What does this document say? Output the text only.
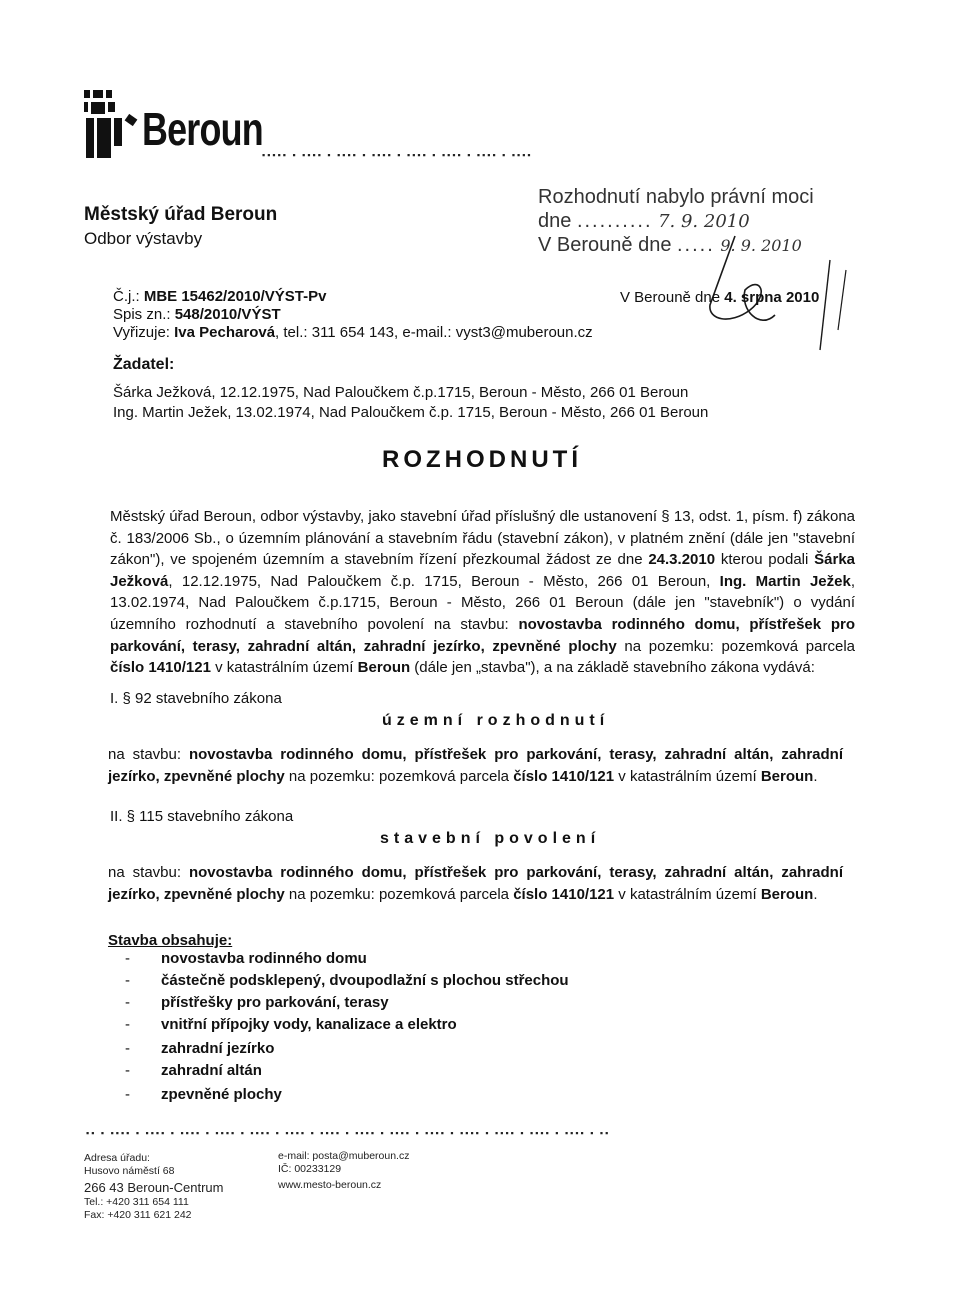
Beroun ▪▪▪▪▪ ▪ ▪▪▪▪ ▪ ▪▪▪▪ ▪ ▪▪▪▪ ▪ ▪▪▪▪ ▪ ▪▪▪▪ ▪ ▪▪▪▪ ▪ ▪▪▪▪
Městský úřad Beroun
Odbor výstavby
Rozhodnutí nabylo právní moci
dne .......... 7. 9. 2010
V Berouně dne ..... 9. 9. 2010
Č.j.: MBE 15462/2010/VÝST-Pv
Spis zn.: 548/2010/VÝST
Vyřizuje: Iva Pecharová, tel.: 311 654 143, e-mail.: vyst3@muberoun.cz
V Berouně dne 4. srpna 2010
Žadatel:
Šárka Ježková, 12.12.1975, Nad Paloučkem č.p.1715, Beroun - Město, 266 01 Beroun
Ing. Martin Ježek, 13.02.1974, Nad Paloučkem č.p. 1715, Beroun - Město, 266 01 Beroun
ROZHODNUTÍ
Městský úřad Beroun, odbor výstavby, jako stavební úřad příslušný dle ustanovení § 13, odst. 1, písm. f) zákona č. 183/2006 Sb., o územním plánování a stavebním řádu (stavební zákon), v platném znění (dále jen "stavební zákon"), ve spojeném územním a stavebním řízení přezkoumal žádost ze dne 24.3.2010 kterou podali Šárka Ježková, 12.12.1975, Nad Paloučkem č.p. 1715, Beroun - Město, 266 01 Beroun, Ing. Martin Ježek, 13.02.1974, Nad Paloučkem č.p.1715, Beroun - Město, 266 01 Beroun (dále jen "stavebník") o vydání územního rozhodnutí a stavebního povolení na stavbu: novostavba rodinného domu, přístřešek pro parkování, terasy, zahradní altán, zahradní jezírko, zpevněné plochy na pozemku: pozemková parcela číslo 1410/121 v katastrálním území Beroun (dále jen „stavba"), a na základě stavebního zákona vydává:
I. § 92 stavebního zákona
územní rozhodnutí
na stavbu: novostavba rodinného domu, přístřešek pro parkování, terasy, zahradní altán, zahradní jezírko, zpevněné plochy na pozemku: pozemková parcela číslo 1410/121 v katastrálním území Beroun.
II. § 115 stavebního zákona
stavební povolení
na stavbu: novostavba rodinného domu, přístřešek pro parkování, terasy, zahradní altán, zahradní jezírko, zpevněné plochy na pozemku: pozemková parcela číslo 1410/121 v katastrálním území Beroun.
Stavba obsahuje:
- novostavba rodinného domu
- částečně podsklepený, dvoupodlažní s plochou střechou
- přístřešky pro parkování, terasy
- vnitřní přípojky vody, kanalizace a elektro
- zahradní jezírko
- zahradní altán
- zpevněné plochy
▪▪ ▪ ▪▪▪▪ ▪ ▪▪▪▪ ▪ ▪▪▪▪ ▪ ▪▪▪▪ ▪ ▪▪▪▪ ▪ ▪▪▪▪ ▪ ▪▪▪▪ ▪ ▪▪▪▪ ▪ ▪▪▪▪ ▪ ▪▪▪▪ ▪ ▪▪▪▪ ▪ ▪▪▪▪ ▪ ▪▪▪▪ ▪ ▪▪▪▪ ▪ ▪▪
Adresa úřadu:
Husovo náměstí 68
266 43 Beroun-Centrum
Tel.: +420 311 654 111
Fax: +420 311 621 242
e-mail: posta@muberoun.cz
IČ: 00233129
www.mesto-beroun.cz
